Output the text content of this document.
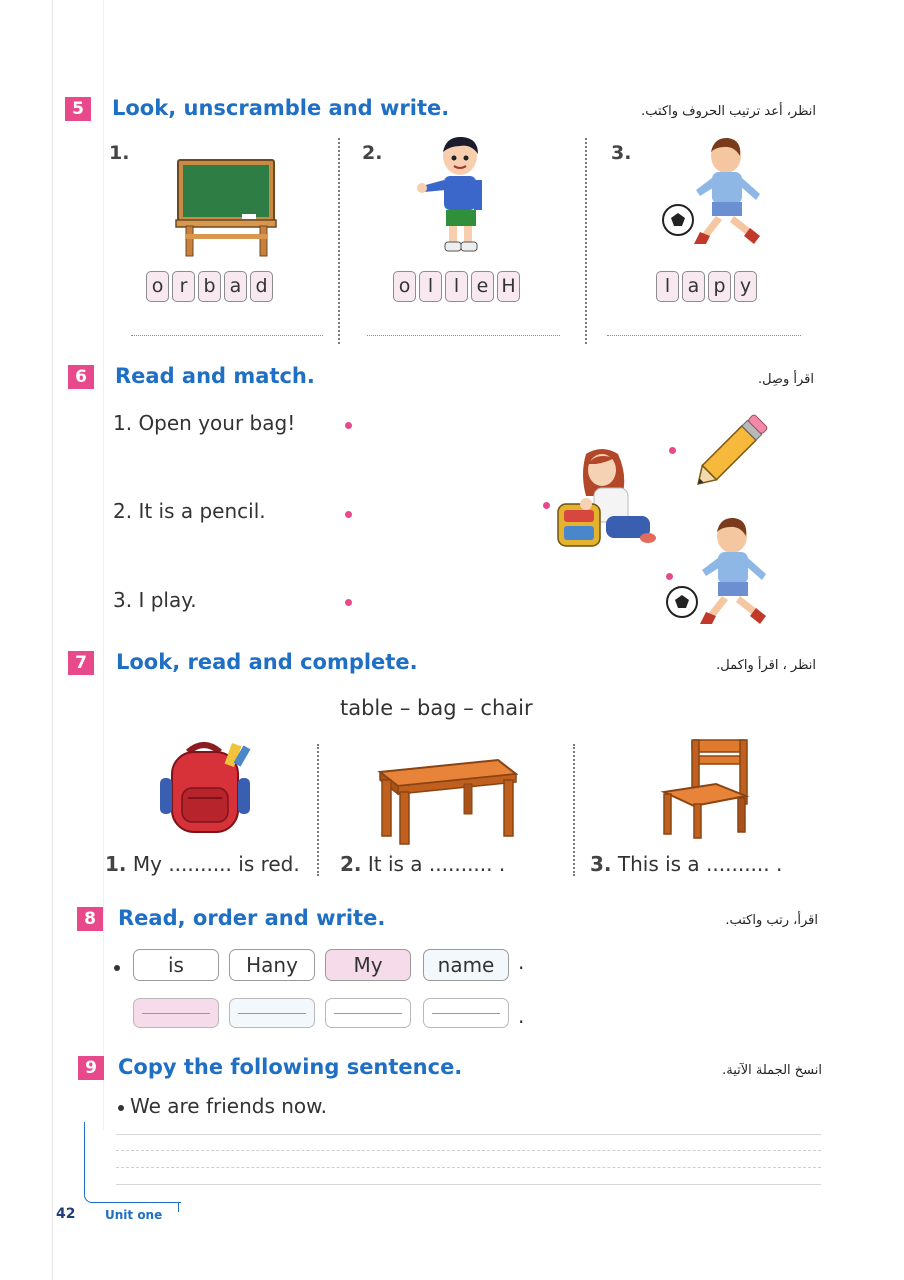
5	Look, unscramble and write.	انظر، أعد ترتيب الحروف واكتب.
1.	2.	3.
o r b a d	o l	l e H	l a p y
6	Read and match.	اقرأ وصِل.
1. Open your bag!
2. It is a pencil.
3. I play.
7	Look, read and complete.	انظر ، اقرأ واكمل.
table – bag – chair
1. My .......... is red. 2. It is a .......... .	3. This is a .......... .
8	Read, order and write.	اقرأ، رتب واكتب.
is	Hany	My	name	.
.
9	Copy the following sentence.	انسخ الجملة الآتية.
We are friends now.
42 Unit one
